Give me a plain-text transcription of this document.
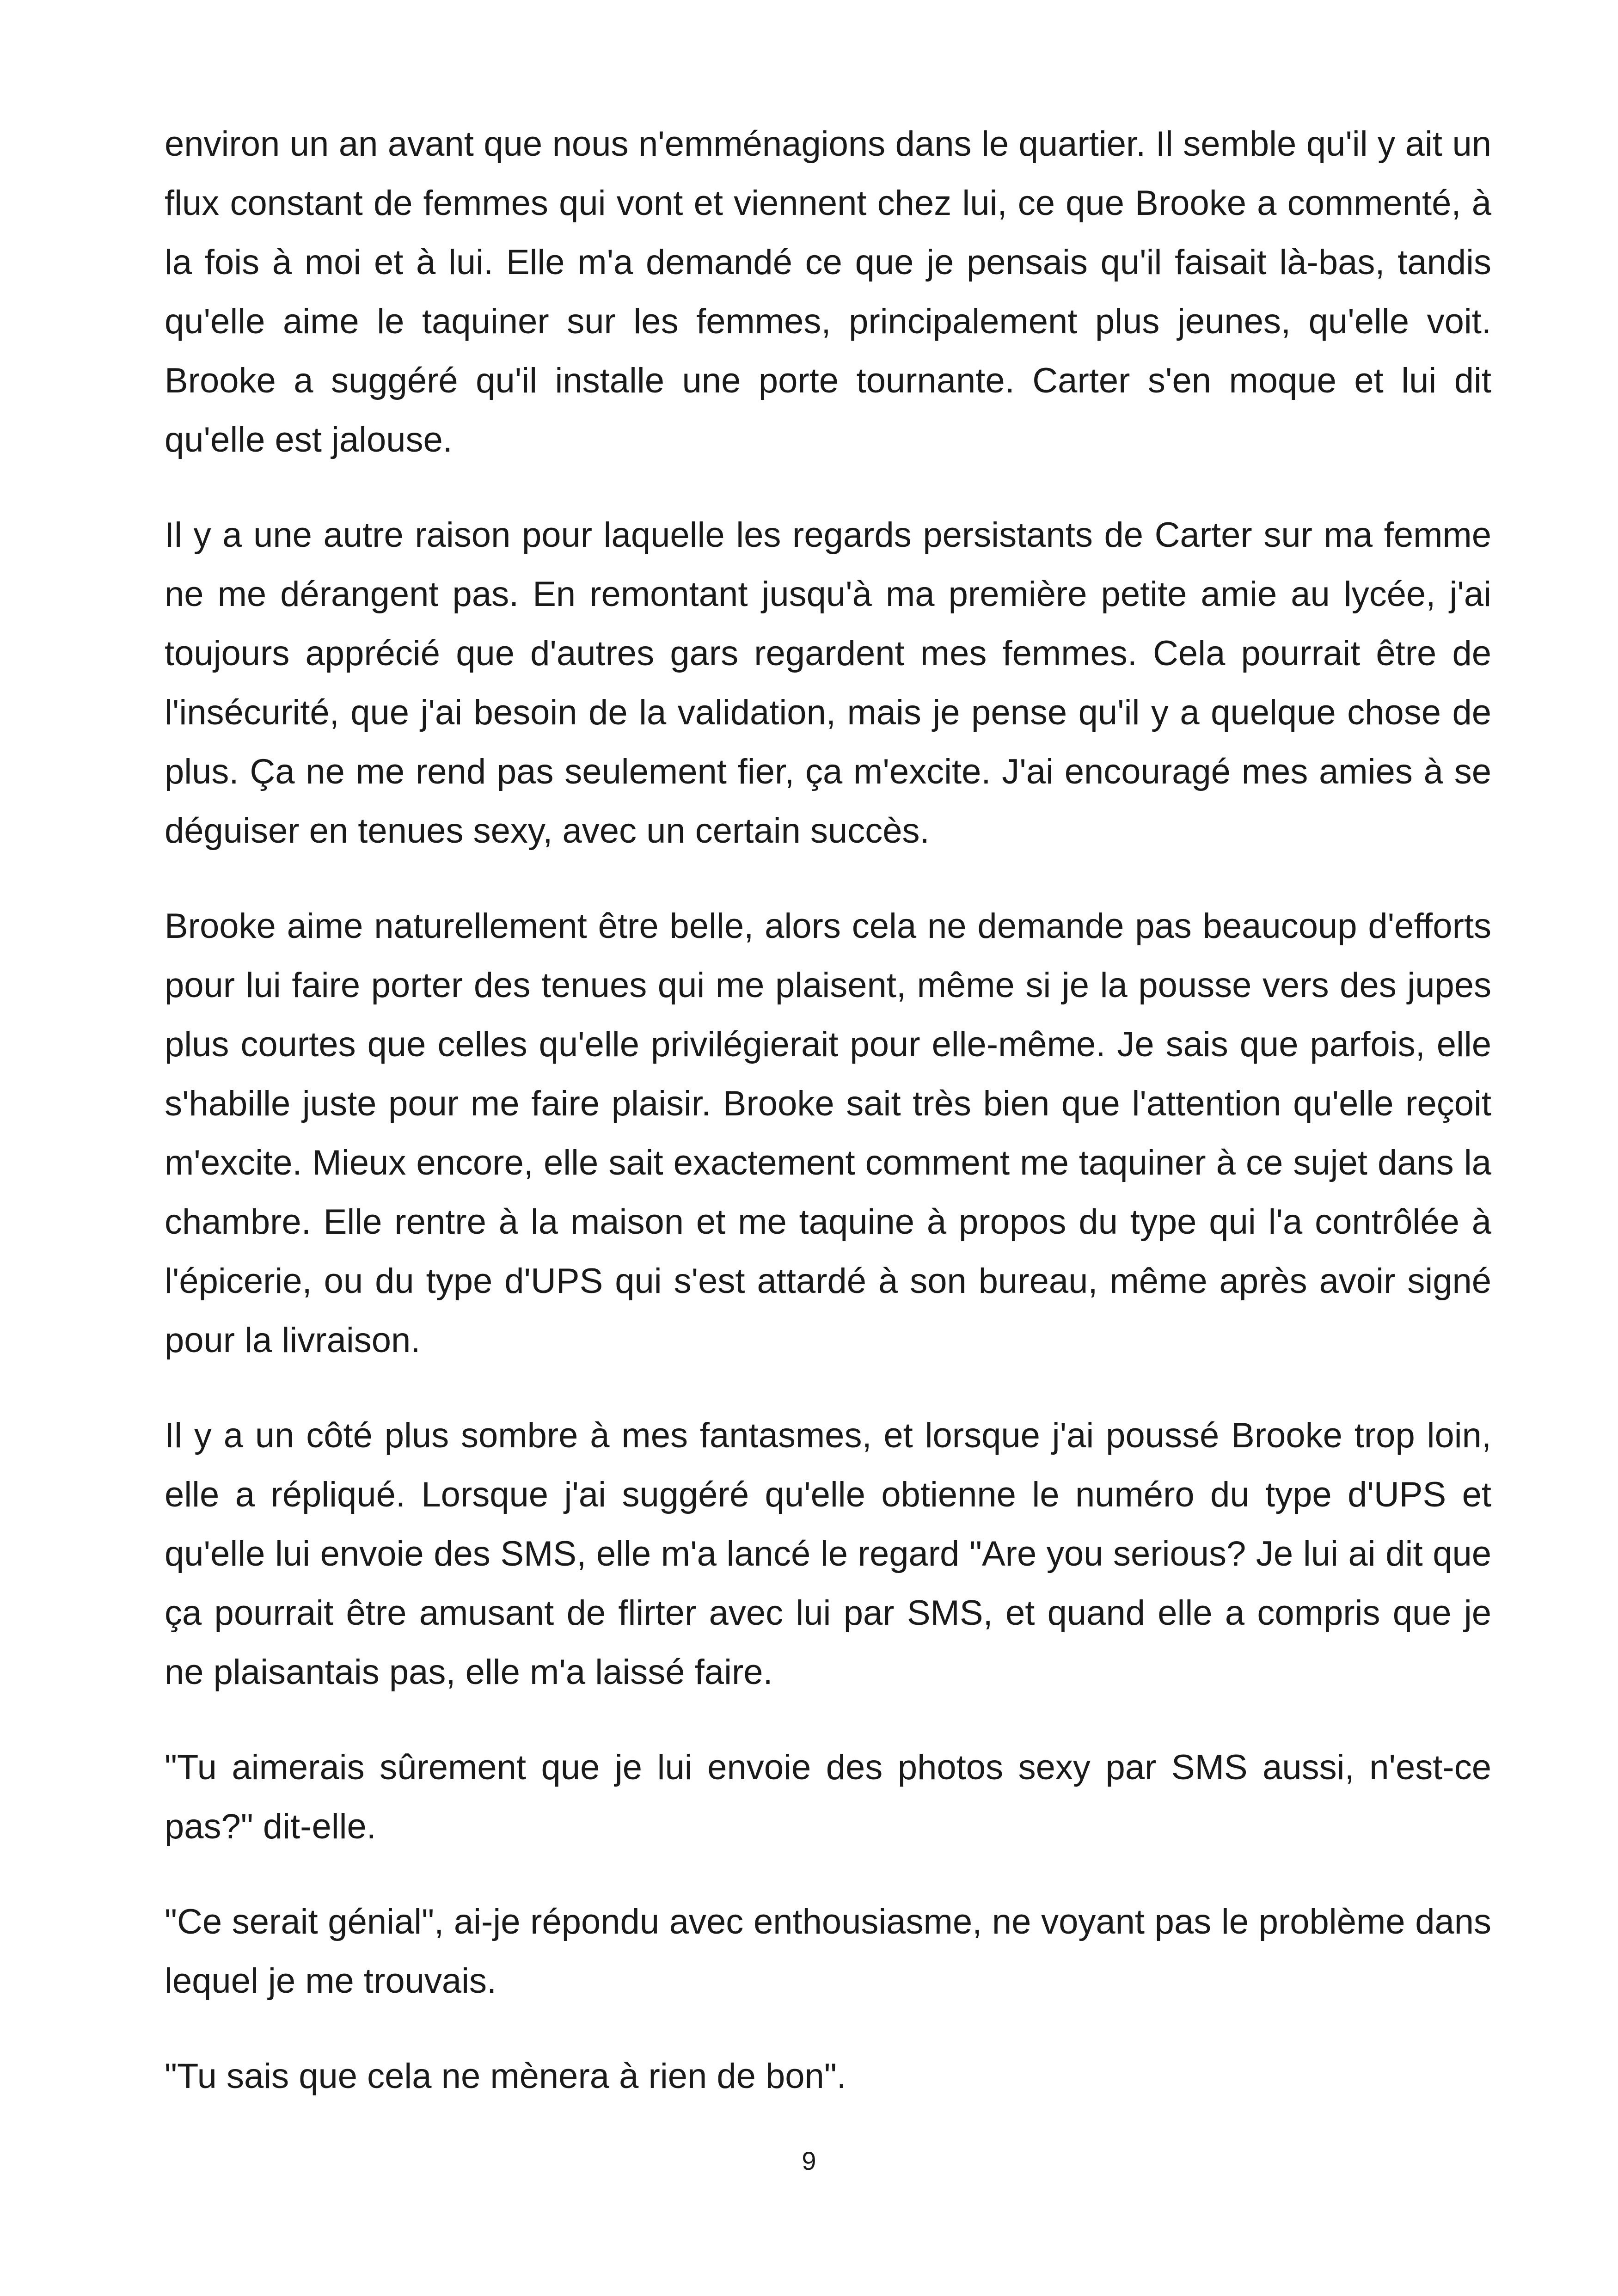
environ un an avant que nous n'emménagions dans le quartier. Il semble qu'il y ait un flux constant de femmes qui vont et viennent chez lui, ce que Brooke a commenté, à la fois à moi et à lui. Elle m'a demandé ce que je pensais qu'il faisait là-bas, tandis qu'elle aime le taquiner sur les femmes, principalement plus jeunes, qu'elle voit. Brooke a suggéré qu'il installe une porte tournante. Carter s'en moque et lui dit qu'elle est jalouse.

Il y a une autre raison pour laquelle les regards persistants de Carter sur ma femme ne me dérangent pas. En remontant jusqu'à ma première petite amie au lycée, j'ai toujours apprécié que d'autres gars regardent mes femmes. Cela pourrait être de l'insécurité, que j'ai besoin de la validation, mais je pense qu'il y a quelque chose de plus. Ça ne me rend pas seulement fier, ça m'excite. J'ai encouragé mes amies à se déguiser en tenues sexy, avec un certain succès.

Brooke aime naturellement être belle, alors cela ne demande pas beaucoup d'efforts pour lui faire porter des tenues qui me plaisent, même si je la pousse vers des jupes plus courtes que celles qu'elle privilégierait pour elle-même. Je sais que parfois, elle s'habille juste pour me faire plaisir. Brooke sait très bien que l'attention qu'elle reçoit m'excite. Mieux encore, elle sait exactement comment me taquiner à ce sujet dans la chambre. Elle rentre à la maison et me taquine à propos du type qui l'a contrôlée à l'épicerie, ou du type d'UPS qui s'est attardé à son bureau, même après avoir signé pour la livraison.

Il y a un côté plus sombre à mes fantasmes, et lorsque j'ai poussé Brooke trop loin, elle a répliqué. Lorsque j'ai suggéré qu'elle obtienne le numéro du type d'UPS et qu'elle lui envoie des SMS, elle m'a lancé le regard "Are you serious? Je lui ai dit que ça pourrait être amusant de flirter avec lui par SMS, et quand elle a compris que je ne plaisantais pas, elle m'a laissé faire.

"Tu aimerais sûrement que je lui envoie des photos sexy par SMS aussi, n'est-ce pas?" dit-elle.

"Ce serait génial", ai-je répondu avec enthousiasme, ne voyant pas le problème dans lequel je me trouvais.

"Tu sais que cela ne mènera à rien de bon".

9
